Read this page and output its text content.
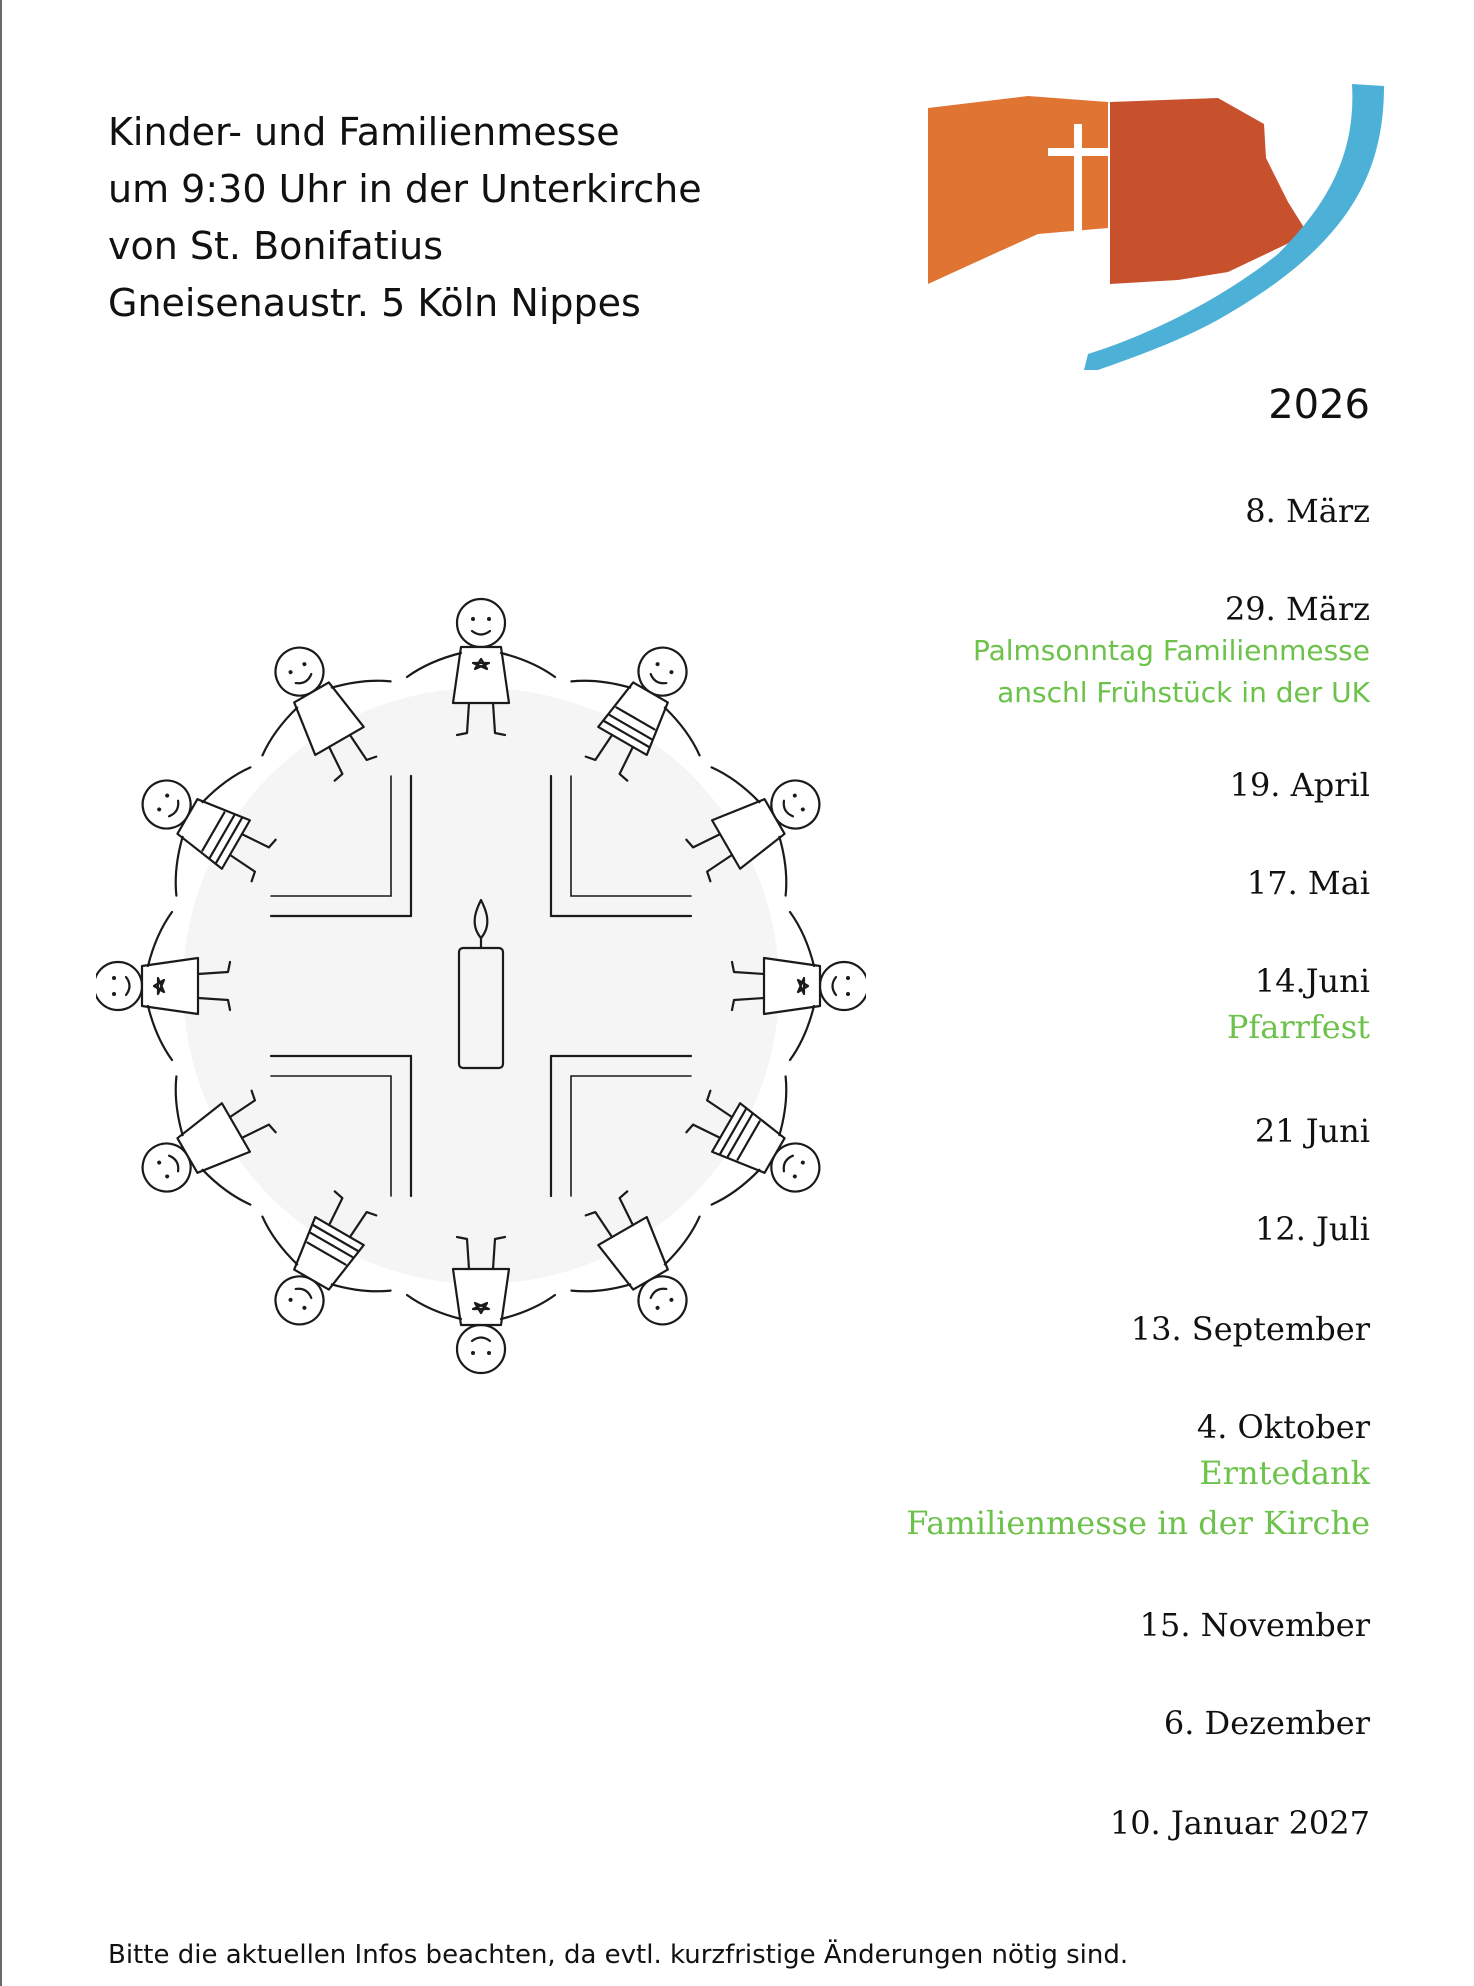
Kinder- und Familienmesse
um 9:30 Uhr in der Unterkirche
von St. Bonifatius
Gneisenaustr. 5 Köln Nippes
2026
8. März
29. März
Palmsonntag Familienmesse
anschl Frühstück in der UK
19. April
17. Mai
14.Juni
Pfarrfest
21 Juni
12. Juli
13. September
4. Oktober
Erntedank
Familienmesse in der Kirche
15. November
6. Dezember
10. Januar 2027
Bitte die aktuellen Infos beachten, da evtl. kurzfristige Änderungen nötig sind.
